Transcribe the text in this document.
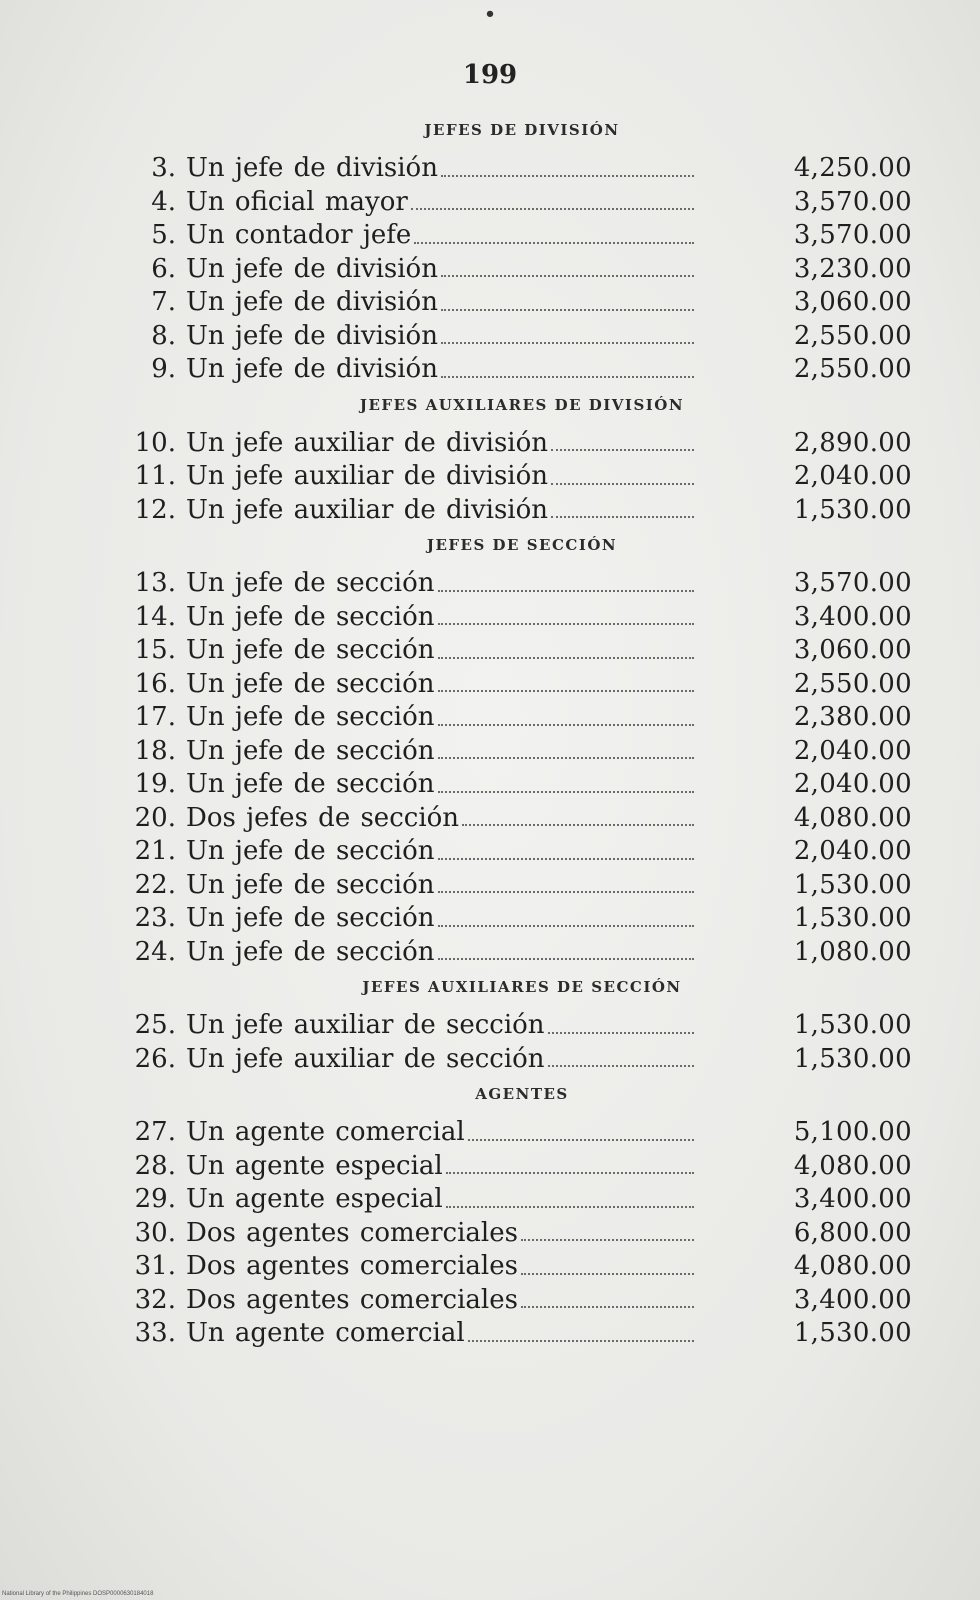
•
199
JEFES DE DIVISIÓN
3. Un jefe de división	4,250.00
4. Un oficial mayor	3,570.00
5. Un contador jefe	3,570.00
6. Un jefe de división	3,230.00
7. Un jefe de división	3,060.00
8. Un jefe de división	2,550.00
9. Un jefe de división	2,550.00
JEFES AUXILIARES DE DIVISIÓN
10. Un jefe auxiliar de división	2,890.00
11. Un jefe auxiliar de división	2,040.00
12. Un jefe auxiliar de división	1,530.00
JEFES DE SECCIÓN
13. Un jefe de sección	3,570.00
14. Un jefe de sección	3,400.00
15. Un jefe de sección	3,060.00
16. Un jefe de sección	2,550.00
17. Un jefe de sección	2,380.00
18. Un jefe de sección	2,040.00
19. Un jefe de sección	2,040.00
20. Dos jefes de sección	4,080.00
21. Un jefe de sección	2,040.00
22. Un jefe de sección	1,530.00
23. Un jefe de sección	1,530.00
24. Un jefe de sección	1,080.00
JEFES AUXILIARES DE SECCIÓN
25. Un jefe auxiliar de sección	1,530.00
26. Un jefe auxiliar de secсión	1,530.00
AGENTES
27. Un agente comercial	5,100.00
28. Un agente especial	4,080.00
29. Un agente especial	3,400.00
30. Dos agentes comerciales	6,800.00
31. Dos agentes comerciales	4,080.00
32. Dos agentes comerciales	3,400.00
33. Un agente comercial	1,530.00
National Library of the Philippines DOSP0000630184018
